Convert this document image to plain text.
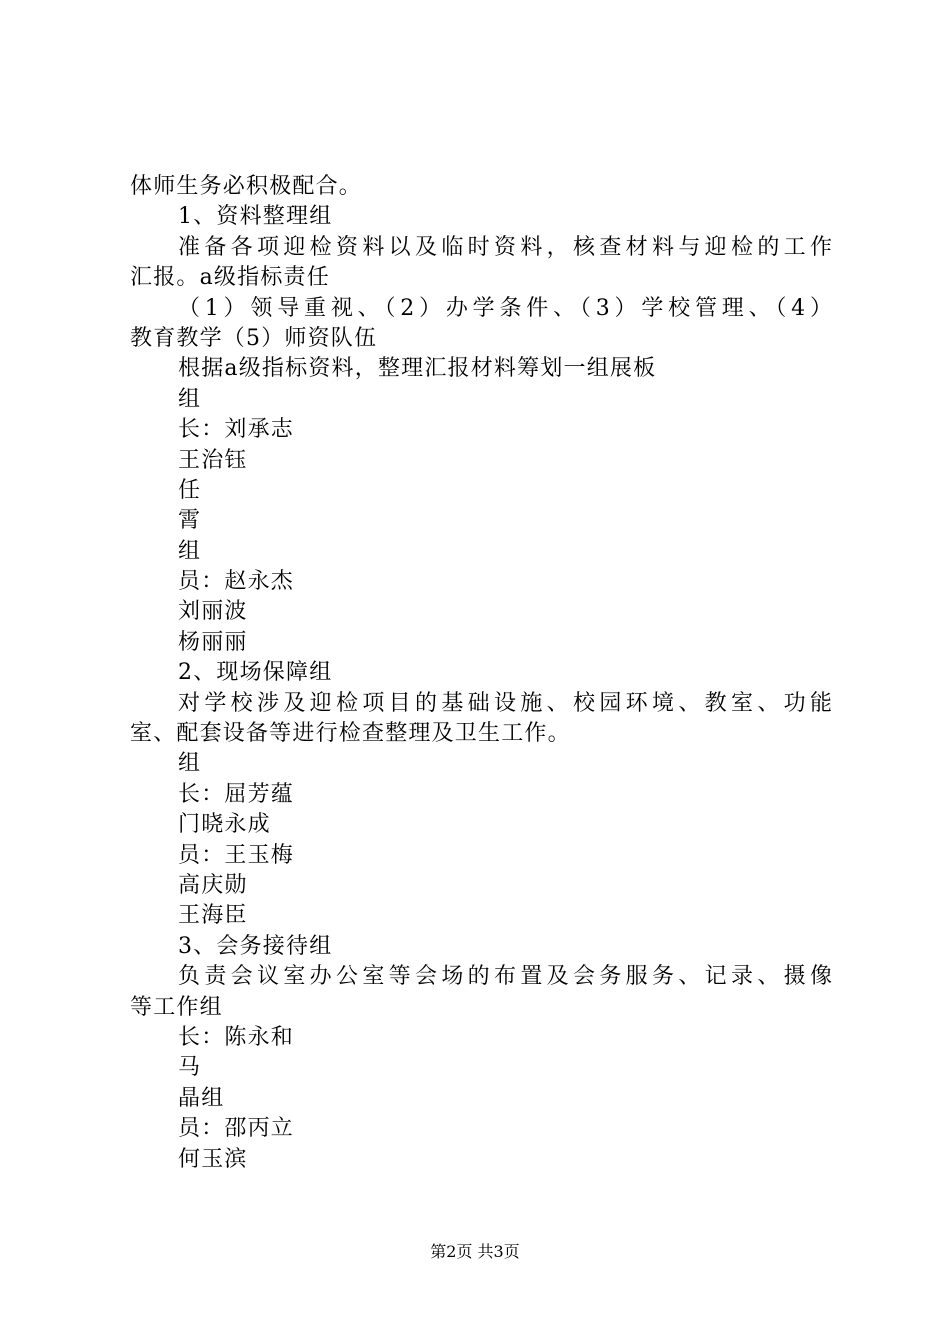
体师生务必积极配合。
1、资料整理组
准备各项迎检资料以及临时资料，核查材料与迎检的工作
汇报。a级指标责任
（1）领导重视、（2）办学条件、（3）学校管理、（4）
教育教学（5）师资队伍
根据a级指标资料，整理汇报材料筹划一组展板
组
长：刘承志
王治钰
任
霄
组
员：赵永杰
刘丽波
杨丽丽
2、现场保障组
对学校涉及迎检项目的基础设施、校园环境、教室、功能
室、配套设备等进行检查整理及卫生工作。
组
长：屈芳蕴
门晓永成
员：王玉梅
高庆勋
王海臣
3、会务接待组
负责会议室办公室等会场的布置及会务服务、记录、摄像
等工作组
长：陈永和
马
晶组
员：邵丙立
何玉滨
第2页 共3页
